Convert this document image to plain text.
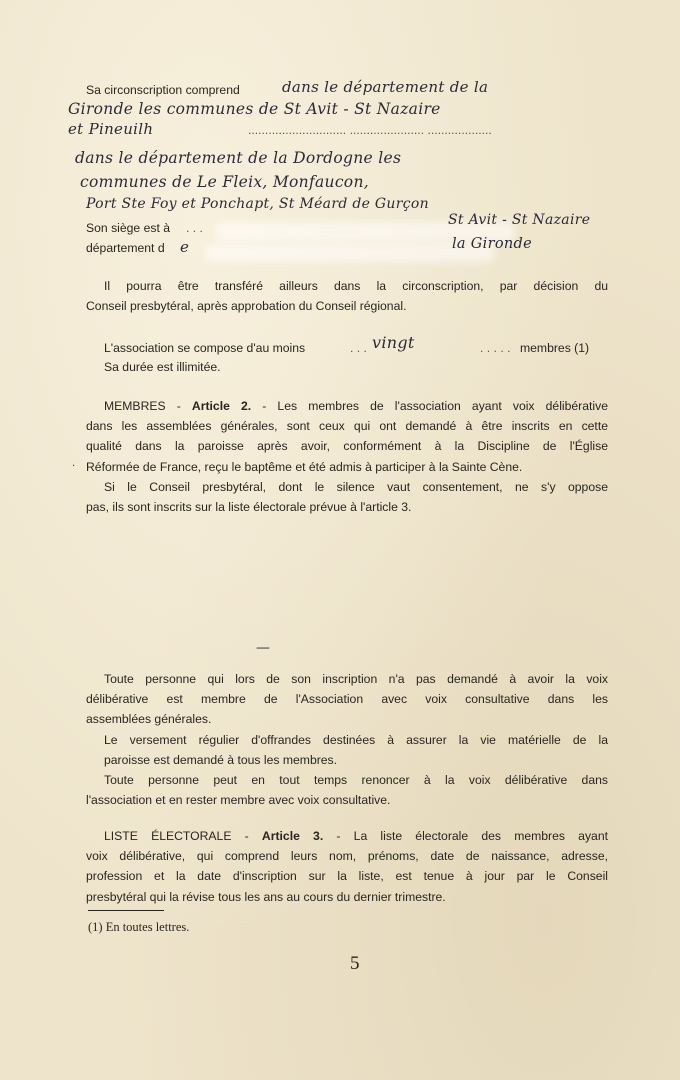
Sa circonscription comprend	dans le département de la
Gironde les communes de St Avit - St Nazaire
et Pineuilh	............................. ...................... ...................
dans le département de la Dordogne les
communes de Le Fleix, Monfaucon,
Port Ste Foy et Ponchapt, St Méard de Gurçon
Son siège est à . . .	St Avit - St Nazaire
département d e	la Gironde
Il pourra être transféré ailleurs dans la circonscription, par décision du
Conseil presbytéral, après approbation du Conseil régional.
L'association se compose d'au moins	. . . vingt	. . . . . membres (1)
Sa durée est illimitée.
MEMBRES - Article 2. - Les membres de l'association ayant voix délibérative
dans les assemblées générales, sont ceux qui ont demandé à être inscrits en cette
qualité dans la paroisse après avoir, conformément à la Discipline de l'Église
Réformée de France, reçu le baptême et été admis à participer à la Sainte Cène.
Si le Conseil presbytéral, dont le silence vaut consentement, ne s'y oppose
pas, ils sont inscrits sur la liste électorale prévue à l'article 3.
.
—
Toute personne qui lors de son inscription n'a pas demandé à avoir la voix
délibérative est membre de l'Association avec voix consultative dans les
assemblées générales.
Le versement régulier d'offrandes destinées à assurer la vie matérielle de la
paroisse est demandé à tous les membres.
Toute personne peut en tout temps renoncer à la voix délibérative dans
l'association et en rester membre avec voix consultative.
LISTE ÉLECTORALE - Article 3. - La liste électorale des membres ayant
voix délibérative, qui comprend leurs nom, prénoms, date de naissance, adresse,
profession et la date d'inscription sur la liste, est tenue à jour par le Conseil
presbytéral qui la révise tous les ans au cours du dernier trimestre.
(1) En toutes lettres.
5
